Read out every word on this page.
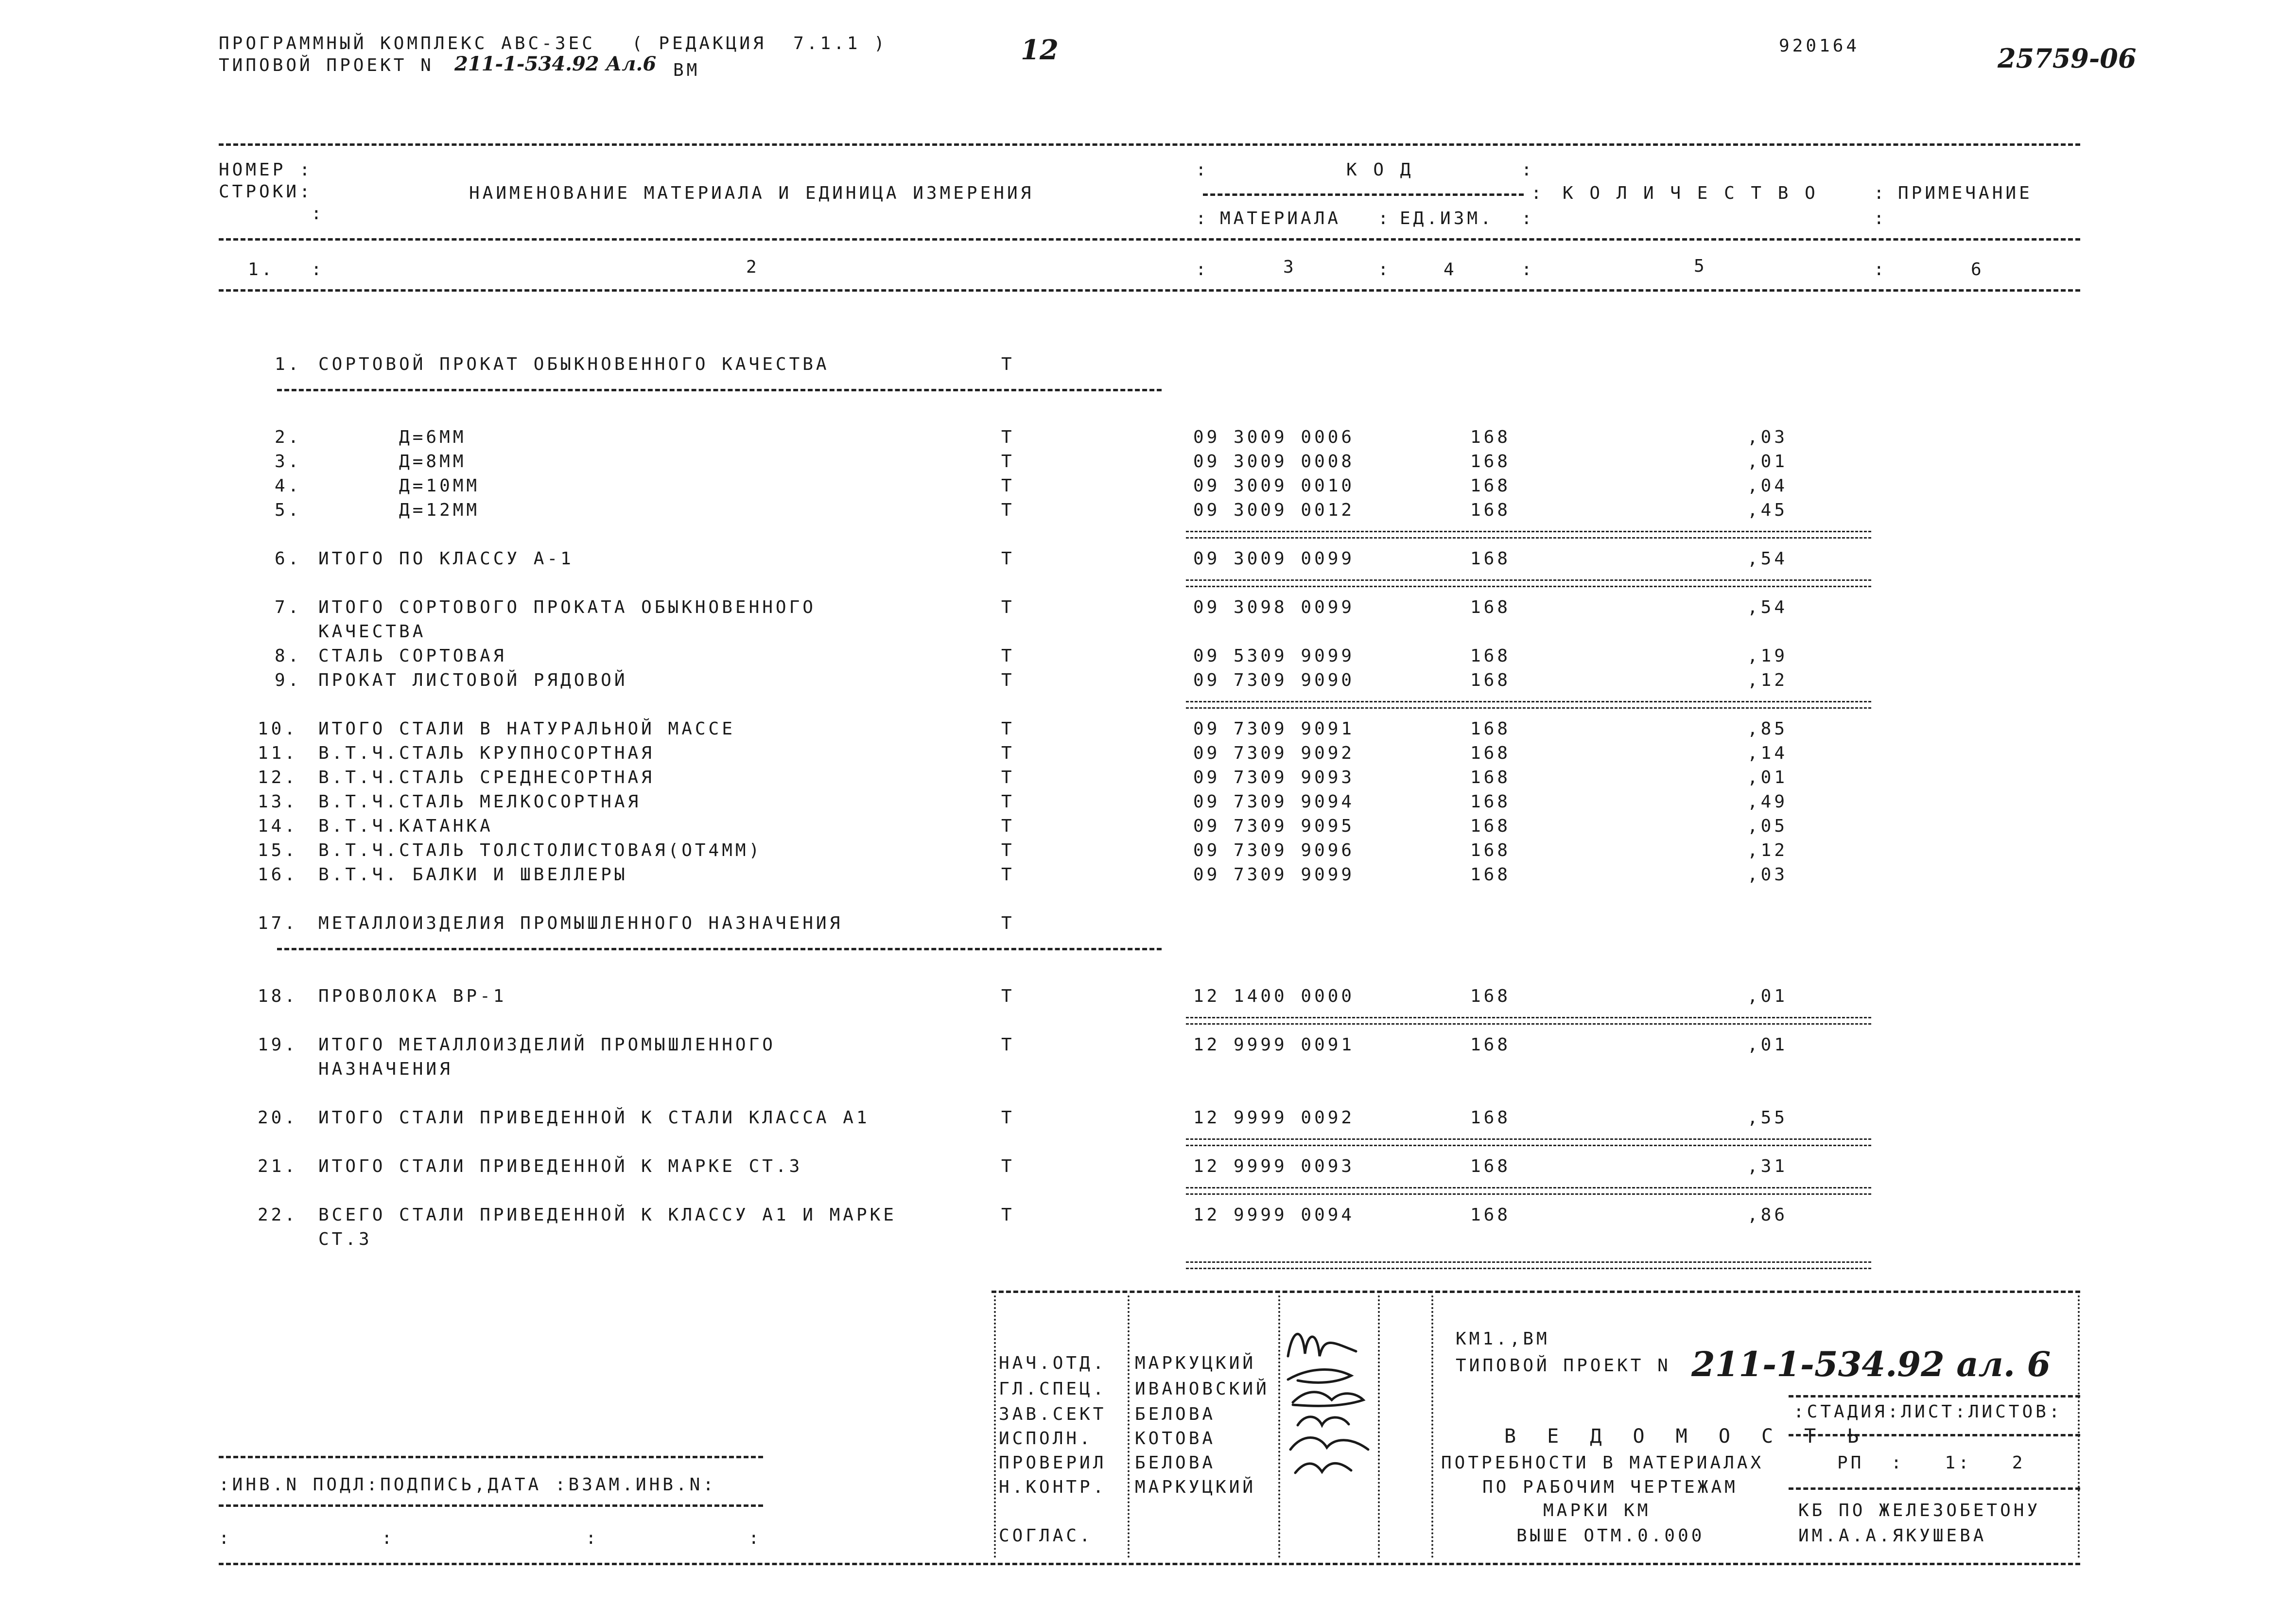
ПРОГРАММНЫЙ КОМПЛЕКС АВС-3ЕС ( РЕДАКЦИЯ  7.1.1 )
ТИПОВОЙ ПРОЕКТ N 211-1-534.92 Ал.6 ВМ
12	920164	25759-06
НОМЕР :
СТРОКИ:
:
НАИМЕНОВАНИЕ МАТЕРИАЛА И ЕДИНИЦА ИЗМЕРЕНИЯ
:	К О Д	:
: МАТЕРИАЛА : ЕД.ИЗМ. :
: К О Л И Ч Е С Т В О	: ПРИМЕЧАНИЕ
:
1. :	2	:	3	:	4	:	5	:	6
1. СОРТОВОЙ ПРОКАТ ОБЫКНОВЕННОГО КАЧЕСТВА	Т
2. Д=6ММ	Т	09 3009 0006	168	,03
3. Д=8ММ	Т	09 3009 0008	168	,01
4. Д=10ММ	Т	09 3009 0010	168	,04
5. Д=12ММ	Т	09 3009 0012	168	,45
6. ИТОГО ПО КЛАССУ А-1	Т	09 3009 0099	168	,54
7. ИТОГО СОРТОВОГО ПРОКАТА ОБЫКНОВЕННОГО	Т	09 3098 0099	168	,54
КАЧЕСТВА
8. СТАЛЬ СОРТОВАЯ	Т	09 5309 9099	168	,19
9. ПРОКАТ ЛИСТОВОЙ РЯДОВОЙ	Т	09 7309 9090	168	,12
10. ИТОГО СТАЛИ В НАТУРАЛЬНОЙ МАССЕ	Т	09 7309 9091	168	,85
11. В.Т.Ч.СТАЛЬ КРУПНОСОРТНАЯ	Т	09 7309 9092	168	,14
12. В.Т.Ч.СТАЛЬ СРЕДНЕСОРТНАЯ	Т	09 7309 9093	168	,01
13. В.Т.Ч.СТАЛЬ МЕЛКОСОРТНАЯ	Т	09 7309 9094	168	,49
14. В.Т.Ч.КАТАНКА	Т	09 7309 9095	168	,05
15. В.Т.Ч.СТАЛЬ ТОЛСТОЛИСТОВАЯ(ОТ4ММ)	Т	09 7309 9096	168	,12
16. В.Т.Ч. БАЛКИ И ШВЕЛЛЕРЫ	Т	09 7309 9099	168	,03
17. МЕТАЛЛОИЗДЕЛИЯ ПРОМЫШЛЕННОГО НАЗНАЧЕНИЯ	Т
18. ПРОВОЛОКА ВР-1	Т	12 1400 0000	168	,01
19. ИТОГО МЕТАЛЛОИЗДЕЛИЙ ПРОМЫШЛЕННОГО	Т	12 9999 0091	168	,01
НАЗНАЧЕНИЯ
20. ИТОГО СТАЛИ ПРИВЕДЕННОЙ К СТАЛИ КЛАССА А1	Т	12 9999 0092	168	,55
21. ИТОГО СТАЛИ ПРИВЕДЕННОЙ К МАРКЕ СТ.3	Т	12 9999 0093	168	,31
22. ВСЕГО СТАЛИ ПРИВЕДЕННОЙ К КЛАССУ А1 И МАРКЕ	Т	12 9999 0094	168	,86
СТ.3
НАЧ.ОТД. МАРКУЦКИЙ
ГЛ.СПЕЦ. ИВАНОВСКИЙ
ЗАВ.СЕКТ БЕЛОВА
ИСПОЛН. КОТОВА
ПРОВЕРИЛ БЕЛОВА
Н.КОНТР. МАРКУЦКИЙ
СОГЛАС.
КМ1.,ВМ
ТИПОВОЙ ПРОЕКТ N 211-1-534.92 ал. 6
:СТАДИЯ:ЛИСТ:ЛИСТОВ:
РП  :   1:   2
КБ ПО ЖЕЛЕЗОБЕТОНУ
ИМ.А.А.ЯКУШЕВА
В Е Д О М О С Т Ь
ПОТРЕБНОСТИ В МАТЕРИАЛАХ
ПО РАБОЧИМ ЧЕРТЕЖАМ
МАРКИ КМ
ВЫШЕ ОТМ.0.000
:ИНВ.N ПОДЛ:ПОДПИСЬ,ДАТА :ВЗАМ.ИНВ.N:
:	:	:	:
